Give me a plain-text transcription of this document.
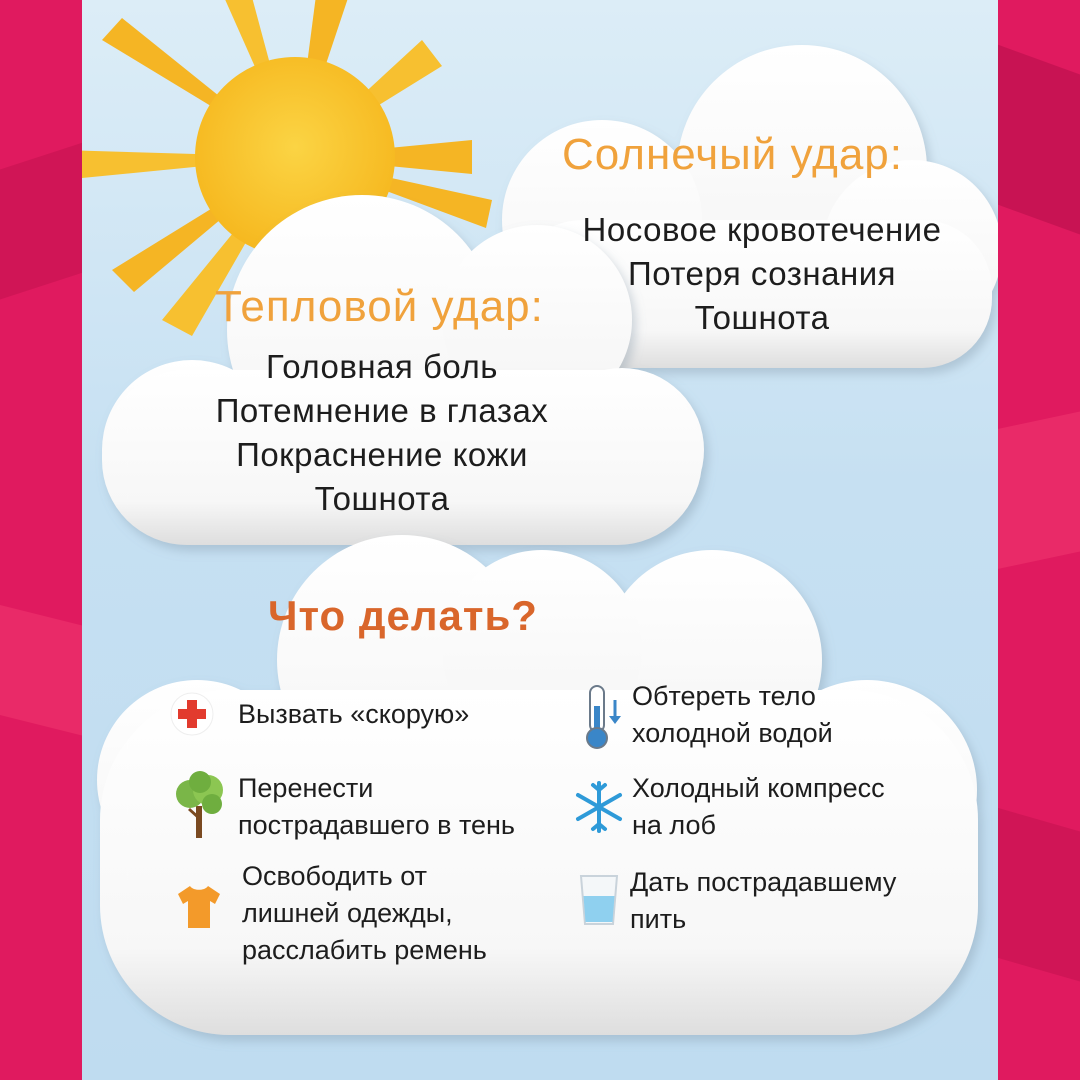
Солнечый удар:
Носовое кровотечение
Потеря сознания
Тошнота
Тепловой удар:
Головная боль
Потемнение в глазах
Покраснение кожи
Тошнота
Что делать?
Вызвать «скорую»
Перенести
пострадавшего в тень
Освободить от
лишней одежды,
расслабить ремень
Обтереть тело
холодной водой
Холодный компресс
на лоб
Дать пострадавшему
пить
